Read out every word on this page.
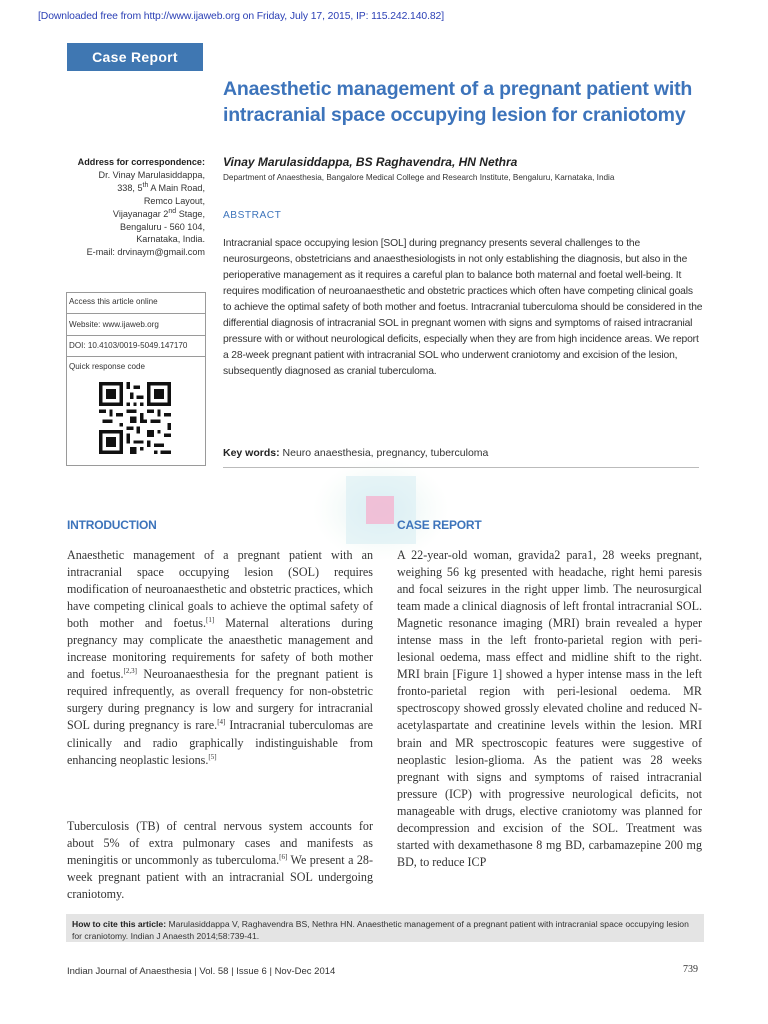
[Downloaded free from http://www.ijaweb.org on Friday, July 17, 2015, IP: 115.242.140.82]
Case Report
Anaesthetic management of a pregnant patient with
intracranial space occupying lesion for craniotomy
Address for correspondence:
Dr. Vinay Marulasiddappa,
338, 5th A Main Road,
Remco Layout,
Vijayanagar 2nd Stage,
Bengaluru - 560 104,
Karnataka, India.
E-mail: drvinaym@gmail.com
Vinay Marulasiddappa, BS Raghavendra, HN Nethra
Department of Anaesthesia, Bangalore Medical College and Research Institute, Bengaluru, Karnataka, India
ABSTRACT
Intracranial space occupying lesion [SOL] during pregnancy presents several challenges to the neurosurgeons, obstetricians and anaesthesiologists in not only establishing the diagnosis, but also in the perioperative management as it requires a careful plan to balance both maternal and foetal well-being. It requires modification of neuroanaesthetic and obstetric practices which often have competing clinical goals to achieve the optimal safety of both mother and foetus. Intracranial tuberculoma should be considered in the differential diagnosis of intracranial SOL in pregnant women with signs and symptoms of raised intracranial pressure with or without neurological deficits, especially when they are from high incidence areas. We report a 28-week pregnant patient with intracranial SOL who underwent craniotomy and excision of the lesion, subsequently diagnosed as cranial tuberculoma.
Key words: Neuro anaesthesia, pregnancy, tuberculoma
Access this article online
Website: www.ijaweb.org
DOI: 10.4103/0019-5049.147170
Quick response code
INTRODUCTION	CASE REPORT
Anaesthetic management of a pregnant patient with an intracranial space occupying lesion (SOL) requires modification of neuroanaesthetic and obstetric practices, which have competing clinical goals to achieve the optimal safety of both mother and foetus.[1] Maternal alterations during pregnancy may complicate the anaesthetic management and increase monitoring requirements for safety of both mother and foetus.[2,3] Neuroanaesthesia for the pregnant patient is required infrequently, as overall frequency for non-obstetric surgery during pregnancy is low and surgery for intracranial SOL during pregnancy is rare.[4] Intracranial tuberculomas are clinically and radio graphically indistinguishable from enhancing neoplastic lesions.[5]
Tuberculosis (TB) of central nervous system accounts for about 5% of extra pulmonary cases and manifests as meningitis or uncommonly as tuberculoma.[6] We present a 28-week pregnant patient with an intracranial SOL undergoing craniotomy.
A 22-year-old woman, gravida2 para1, 28 weeks pregnant, weighing 56 kg presented with headache, right hemi paresis and focal seizures in the right upper limb. The neurosurgical team made a clinical diagnosis of left frontal intracranial SOL. Magnetic resonance imaging (MRI) brain revealed a hyper intense mass in the left fronto-parietal region with peri-lesional oedema, mass effect and midline shift to the right. MRI brain [Figure 1] showed a hyper intense mass in the left fronto-parietal region with peri-lesional oedema. MR spectroscopy showed grossly elevated choline and reduced N-acetylaspartate and creatinine levels within the lesion. MRI brain and MR spectroscopic features were suggestive of neoplastic lesion-glioma. As the patient was 28 weeks pregnant with signs and symptoms of raised intracranial pressure (ICP) with progressive neurological deficits, not manageable with drugs, elective craniotomy was planned for decompression and excision of the SOL. Treatment was started with dexamethasone 8 mg BD, carbamazepine 200 mg BD, to reduce ICP
How to cite this article: Marulasiddappa V, Raghavendra BS, Nethra HN. Anaesthetic management of a pregnant patient with intracranial space occupying lesion for craniotomy. Indian J Anaesth 2014;58:739-41.
Indian Journal of Anaesthesia | Vol. 58 | Issue 6 | Nov-Dec 2014	739
